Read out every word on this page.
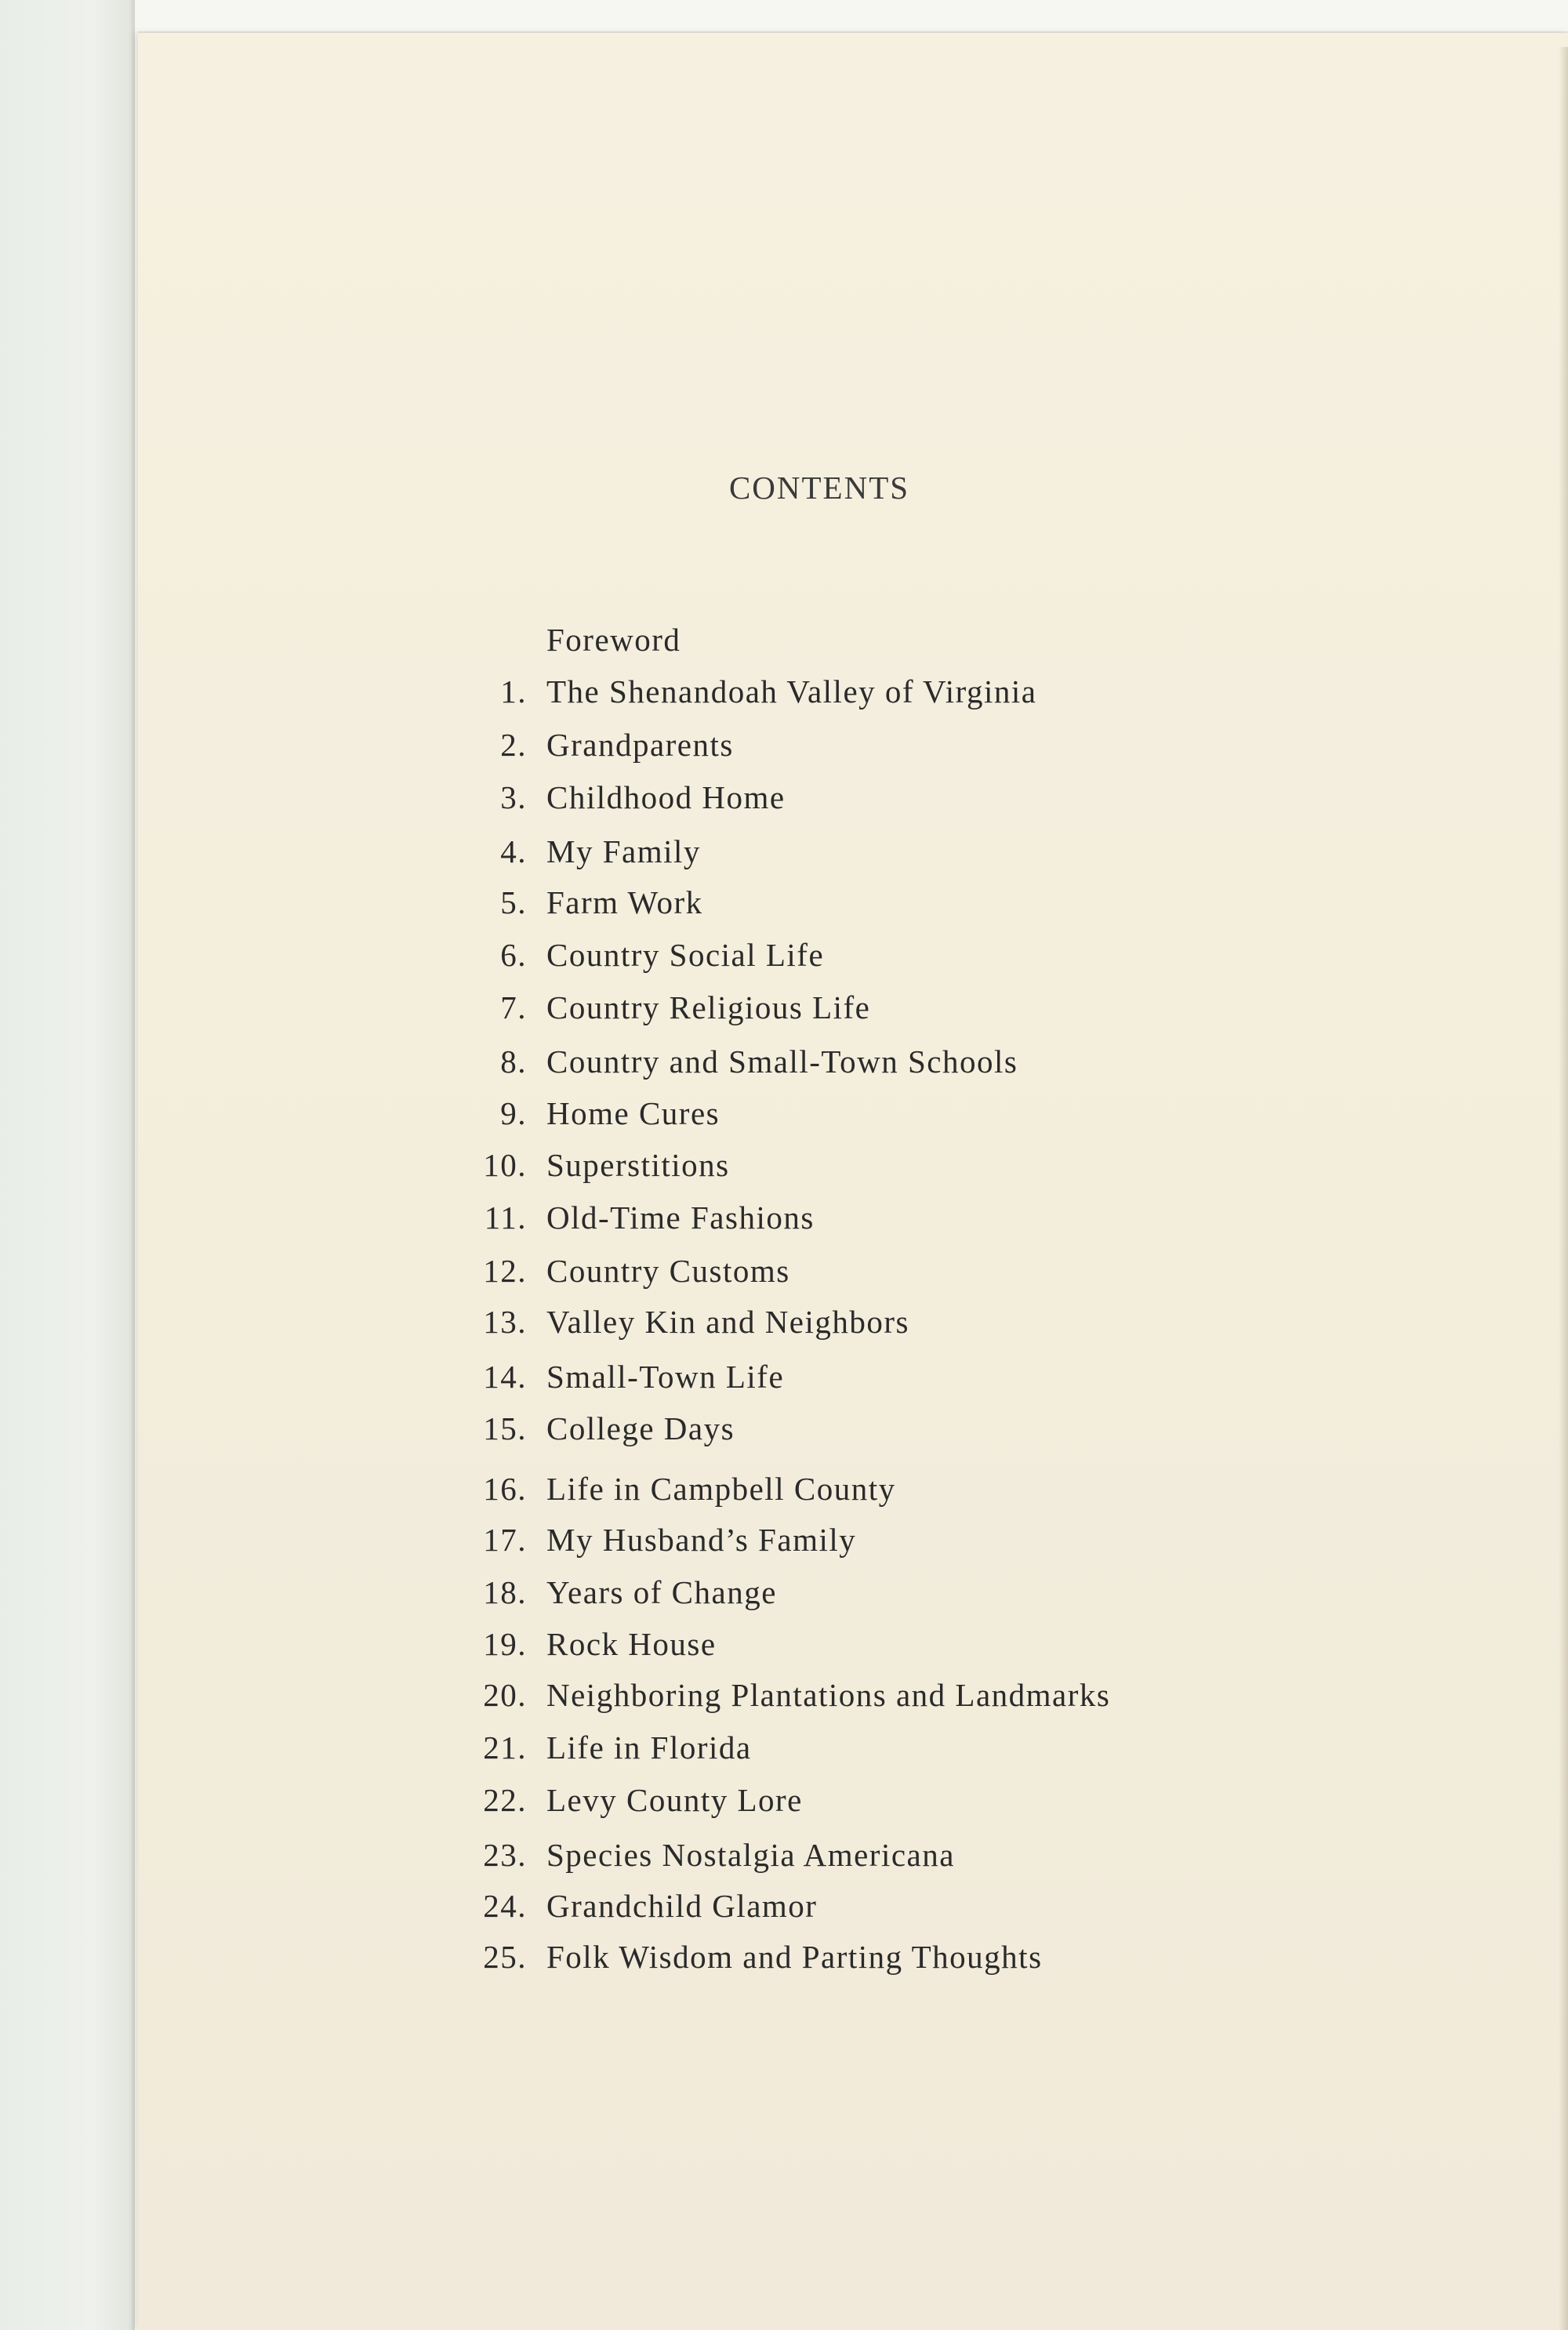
CONTENTS
Foreword
1. The Shenandoah Valley of Virginia
2. Grandparents
3. Childhood Home
4. My Family
5. Farm Work
6. Country Social Life
7. Country Religious Life
8. Country and Small-Town Schools
9. Home Cures
10. Superstitions
11. Old-Time Fashions
12. Country Customs
13. Valley Kin and Neighbors
14. Small-Town Life
15. College Days
16. Life in Campbell County
17. My Husband’s Family
18. Years of Change
19. Rock House
20. Neighboring Plantations and Landmarks
21. Life in Florida
22. Levy County Lore
23. Species Nostalgia Americana
24. Grandchild Glamor
25. Folk Wisdom and Parting Thoughts
